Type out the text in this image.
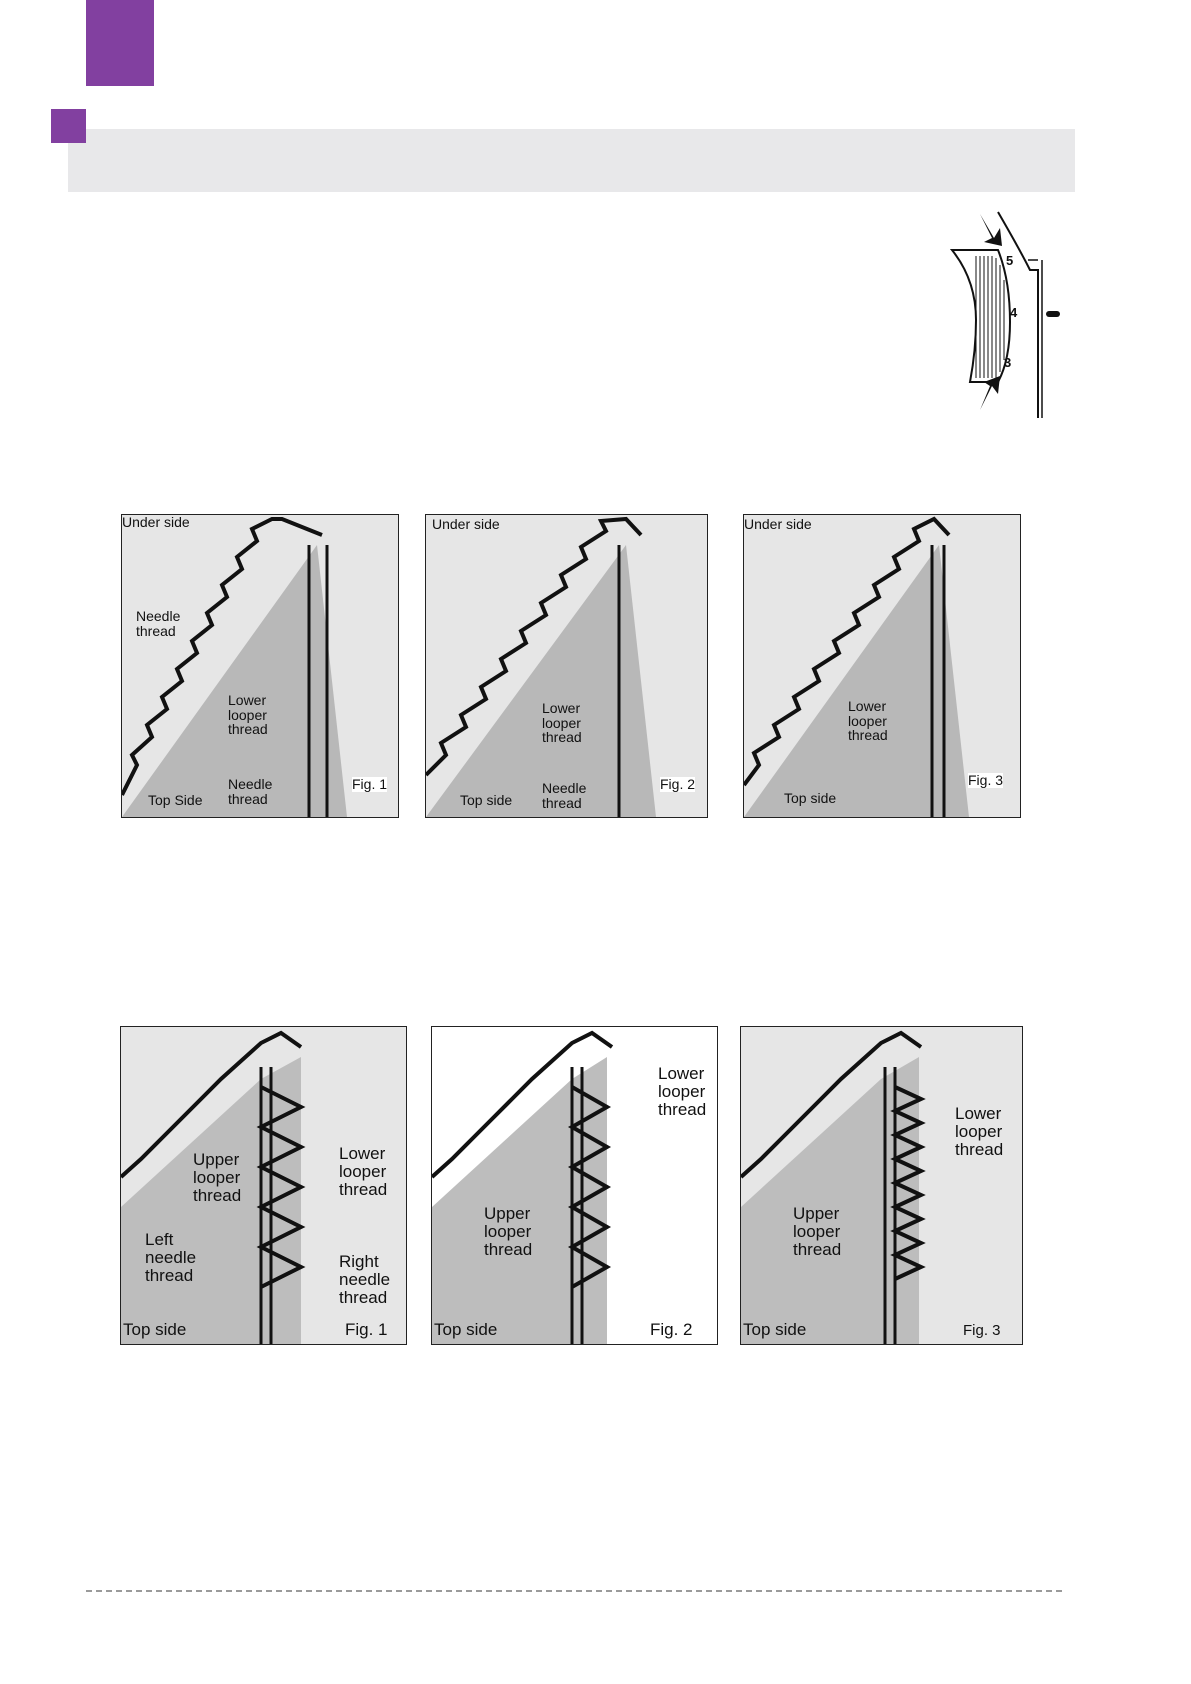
5
4
3
Under side
Needle thread
Lower looper thread
Needle thread
Top Side
Fig. 1
Under side
Lower looper thread
Needle thread
Top side
Fig. 2
Under side
Lower looper thread
Top side
Fig. 3
Upper looper thread
Lower looper thread
Left needle thread
Right needle thread
Top side	Fig. 1
Lower looper thread
Upper looper thread
Top side	Fig. 2
Lower looper thread
Upper looper thread
Top side	Fig. 3
